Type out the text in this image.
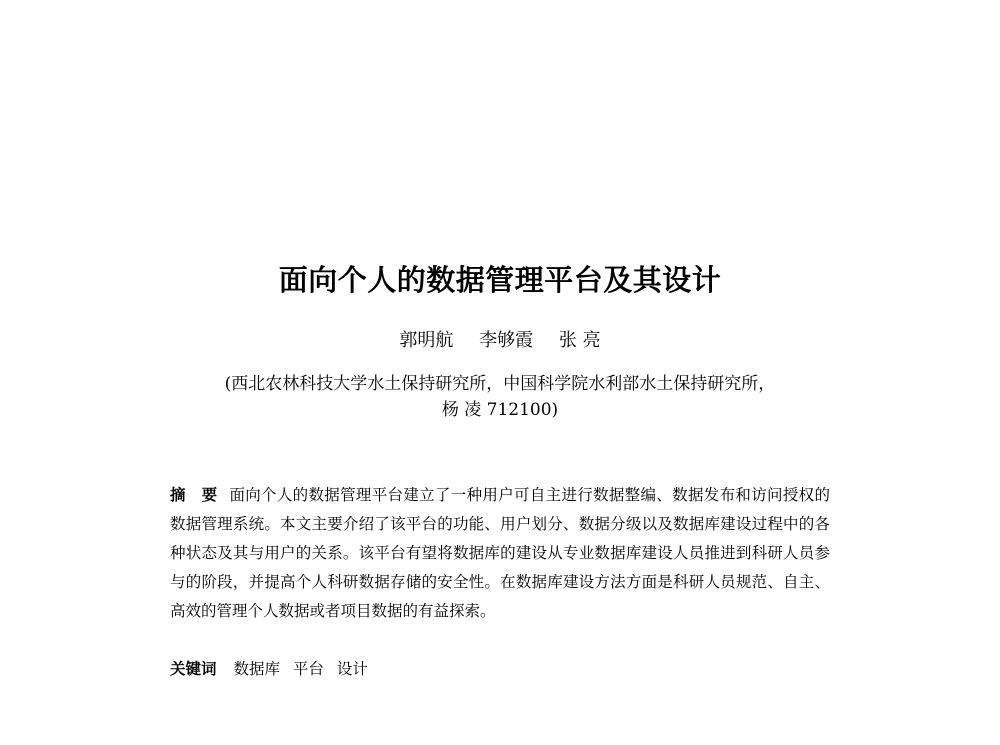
面向个人的数据管理平台及其设计
郭明航 李够霞 张 亮
(西北农林科技大学水土保持研究所，中国科学院水利部水土保持研究所，
杨 凌 712100)
摘　要 面向个人的数据管理平台建立了一种用户可自主进行数据整编、数据发布和访问授权的数据管理系统。本文主要介绍了该平台的功能、用户划分、数据分级以及数据库建设过程中的各种状态及其与用户的关系。该平台有望将数据库的建设从专业数据库建设人员推进到科研人员参与的阶段，并提高个人科研数据存储的安全性。在数据库建设方法方面是科研人员规范、自主、高效的管理个人数据或者项目数据的有益探索。
关键词 数据库 平台 设计
